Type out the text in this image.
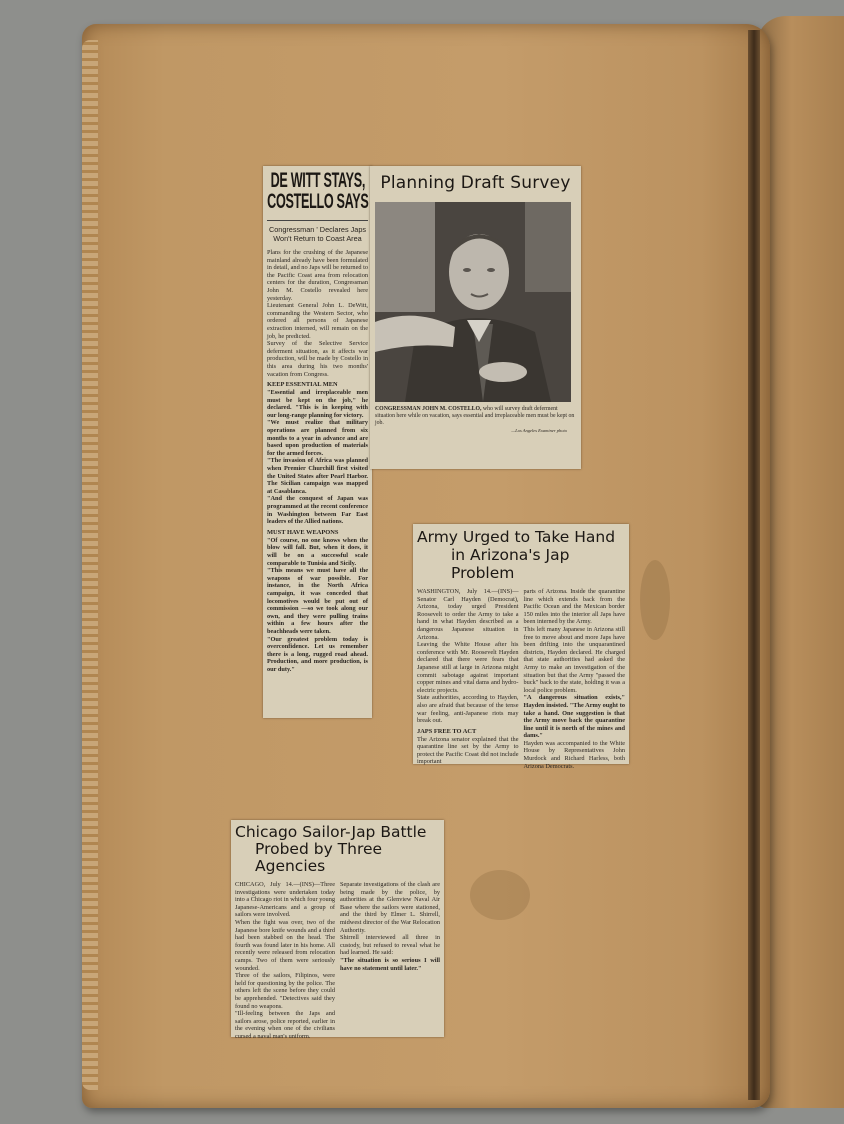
DE WITT STAYS,
COSTELLO SAYS
Congressman ' Declares Japs Won't Return to Coast Area

Plans for the crushing of the Japanese mainland already have been formulated in detail, and no Japs will be returned to the Pacific Coast area from relocation centers for the duration, Congressman John M. Costello revealed here yesterday.

Lieutenant General John L. DeWitt, commanding the Western Sector, who ordered all persons of Japanese extraction interned, will remain on the job, he predicted.

Survey of the Selective Service deferment situation, as it affects war production, will be made by Costello in this area during his two months' vacation from Congress.

KEEP ESSENTIAL MEN

"Essential and irreplaceable men must be kept on the job," he declared. "This is in keeping with our long-range planning for victory.

"We must realize that military operations are planned from six months to a year in advance and are based upon production of materials for the armed forces.

"The invasion of Africa was planned when Premier Churchill first visited the United States after Pearl Harbor. The Sicilian campaign was mapped at Casablanca.

"And the conquest of Japan was programmed at the recent conference in Washington between Far East leaders of the Allied nations.

MUST HAVE WEAPONS

"Of course, no one knows when the blow will fall. But, when it does, it will be on a successful scale comparable to Tunisia and Sicily.

"This means we must have all the weapons of war possible. For instance, in the North Africa campaign, it was conceded that locomotives would be put out of commission —so we took along our own, and they were pulling trains within a few hours after the beachheads were taken.

"Our greatest problem today is overconfidence. Let us remember there is a long, rugged road ahead. Production, and more production, is our duty."

Planning Draft Survey
CONGRESSMAN JOHN M. COSTELLO, who will survey draft deferment situation here while on vacation, says essential and irreplaceable men must be kept on job.
—Los Angeles Examiner photo
Army Urged to Take Hand
in Arizona's Jap Problem

WASHINGTON, July 14.—(INS)—Senator Carl Hayden (Democrat), Arizona, today urged President Roosevelt to order the Army to take a hand in what Hayden described as a dangerous Japanese situation in Arizona.

Leaving the White House after his conference with Mr. Roosevelt Hayden declared that there were fears that Japanese still at large in Arizona might commit sabotage against important copper mines and vital dams and hydro-electric projects.

State authorities, according to Hayden, also are afraid that because of the tense war feeling, anti-Japanese riots may break out.

JAPS FREE TO ACT

The Arizona senator explained that the quarantine line set by the Army to protect the Pacific Coast did not include important

parts of Arizona. Inside the quarantine line which extends back from the Pacific Ocean and the Mexican border 150 miles into the interior all Japs have been interned by the Army.

This left many Japanese in Arizona still free to move about and more Japs have been drifting into the unquarantined districts, Hayden declared. He charged that state authorities had asked the Army to make an investigation of the situation but that the Army "passed the buck" back to the state, holding it was a local police problem.

"A dangerous situation exists," Hayden insisted. "The Army ought to take a hand. One suggestion is that the Army move back the quarantine line until it is north of the mines and dams."

Hayden was accompanied to the White House by Representatives John Murdock and Richard Harless, both Arizona Democrats.

Chicago Sailor-Jap Battle
Probed by Three Agencies

CHICAGO, July 14.—(INS)—Three investigations were undertaken today into a Chicago riot in which four young Japanese-Americans and a group of sailors were involved.

When the fight was over, two of the Japanese bore knife wounds and a third had been stabbed on the head. The fourth was found later in his home. All recently were released from relocation camps. Two of them were seriously wounded.

Three of the sailors, Filipinos, were held for questioning by the police. The others left the scene before they could be apprehended. "Detectives said they found no weapons.

"Ill-feeling between the Japs and sailors arose, police reported, earlier in the evening when one of the civilians cursed a naval man's uniform.

Separate investigations of the clash are being made by the police, by authorities at the Glenview Naval Air Base where the sailors were stationed, and the third by Elmer L. Shirrell, midwest director of the War Relocation Authority.

Shirrell interviewed all three in custody, but refused to reveal what he had learned. He said:

"The situation is so serious I will have no statement until later."
